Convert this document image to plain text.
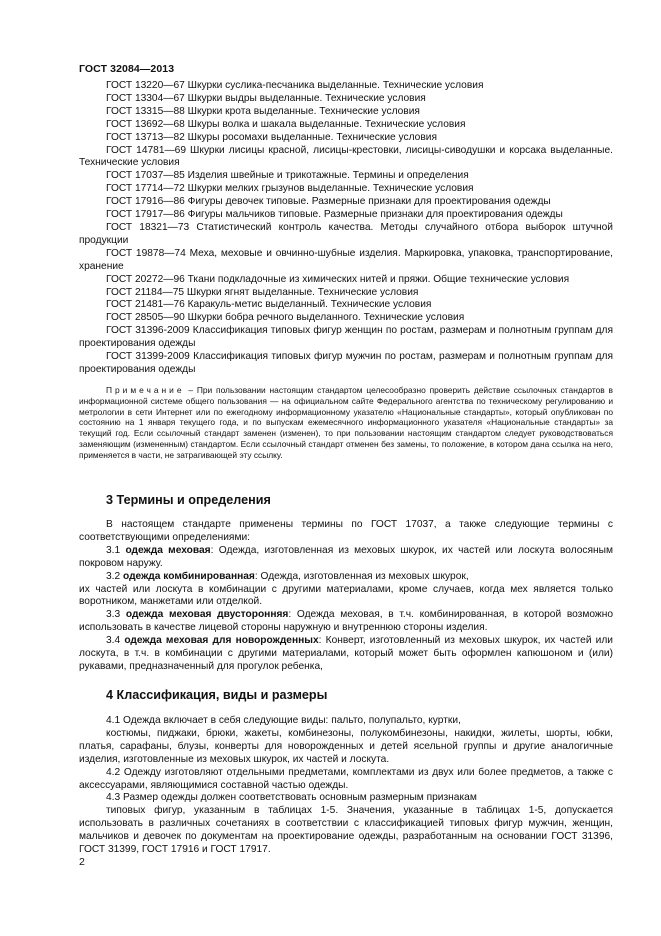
ГОСТ 32084—2013

ГОСТ 13220—67 Шкурки суслика-песчаника выделанные. Технические условия

ГОСТ 13304—67 Шкурки выдры выделанные. Технические условия

ГОСТ 13315—88 Шкурки крота выделанные. Технические условия

ГОСТ 13692—68 Шкуры волка и шакала выделанные. Технические условия

ГОСТ 13713—82 Шкуры росомахи выделанные. Технические условия

ГОСТ 14781—69 Шкурки лисицы красной, лисицы-крестовки, лисицы-сиводушки и корсака выделанные. Технические условия

ГОСТ 17037—85 Изделия швейные и трикотажные. Термины и определения

ГОСТ 17714—72 Шкурки мелких грызунов выделанные. Технические условия

ГОСТ 17916—86 Фигуры девочек типовые. Размерные признаки для проектирования одежды

ГОСТ 17917—86 Фигуры мальчиков типовые. Размерные признаки для проектирования одежды

ГОСТ 18321—73 Статистический контроль качества. Методы случайного отбора выборок штучной продукции

ГОСТ 19878—74 Меха, меховые и овчинно-шубные изделия. Маркировка, упаковка, транспортирование, хранение

ГОСТ 20272—96 Ткани подкладочные из химических нитей и пряжи. Общие технические условия

ГОСТ 21184—75 Шкурки ягнят выделанные. Технические условия

ГОСТ 21481—76 Каракуль-метис выделанный. Технические условия

ГОСТ 28505—90 Шкурки бобра речного выделанного. Технические условия

ГОСТ 31396-2009 Классификация типовых фигур женщин по ростам, размерам и полнотным группам для проектирования одежды

ГОСТ 31399-2009 Классификация типовых фигур мужчин по ростам, размерам и полнотным группам для проектирования одежды

Примечание – При пользовании настоящим стандартом целесообразно проверить действие ссылочных стандартов в информационной системе общего пользования — на официальном сайте Федерального агентства по техническому регулированию и метрологии в сети Интернет или по ежегодному информационному указателю «Национальные стандарты», который опубликован по состоянию на 1 января текущего года, и по выпускам ежемесячного информационного указателя «Национальные стандарты» за текущий год. Если ссылочный стандарт заменен (изменен), то при пользовании настоящим стандартом следует руководствоваться заменяющим (измененным) стандартом. Если ссылочный стандарт отменен без замены, то положение, в котором дана ссылка на него, применяется в части, не затрагивающей эту ссылку.

3 Термины и определения

В настоящем стандарте применены термины по ГОСТ 17037, а также следующие термины с соответствующими определениями:

3.1 одежда меховая: Одежда, изготовленная из меховых шкурок, их частей или лоскута волосяным покровом наружу.

3.2 одежда комбинированная: Одежда, изготовленная из меховых шкурок,

их частей или лоскута в комбинации с другими материалами, кроме случаев, когда мех является только воротником, манжетами или отделкой.

3.3 одежда меховая двусторонняя: Одежда меховая, в т.ч. комбинированная, в которой возможно использовать в качестве лицевой стороны наружную и внутреннюю стороны изделия.

3.4 одежда меховая для новорожденных: Конверт, изготовленный из меховых шкурок, их частей или лоскута, в т.ч. в комбинации с другими материалами, который может быть оформлен капюшоном и (или) рукавами, предназначенный для прогулок ребенка,

4 Классификация, виды и размеры

4.1 Одежда включает в себя следующие виды: пальто, полупальто, куртки,

костюмы, пиджаки, брюки, жакеты, комбинезоны, полукомбинезоны, накидки, жилеты, шорты, юбки, платья, сарафаны, блузы, конверты для новорожденных и детей ясельной группы и другие аналогичные изделия, изготовленные из меховых шкурок, их частей и лоскута.

4.2 Одежду изготовляют отдельными предметами, комплектами из двух или более предметов, а также с аксессуарами, являющимися составной частью одежды.

4.3 Размер одежды должен соответствовать основным размерным признакам

типовых фигур, указанным в таблицах 1-5. Значения, указанные в таблицах 1-5, допускается использовать в различных сочетаниях в соответствии с классификацией типовых фигур мужчин, женщин, мальчиков и девочек по документам на проектирование одежды, разработанным на основании ГОСТ 31396, ГОСТ 31399, ГОСТ 17916 и ГОСТ 17917.

2
